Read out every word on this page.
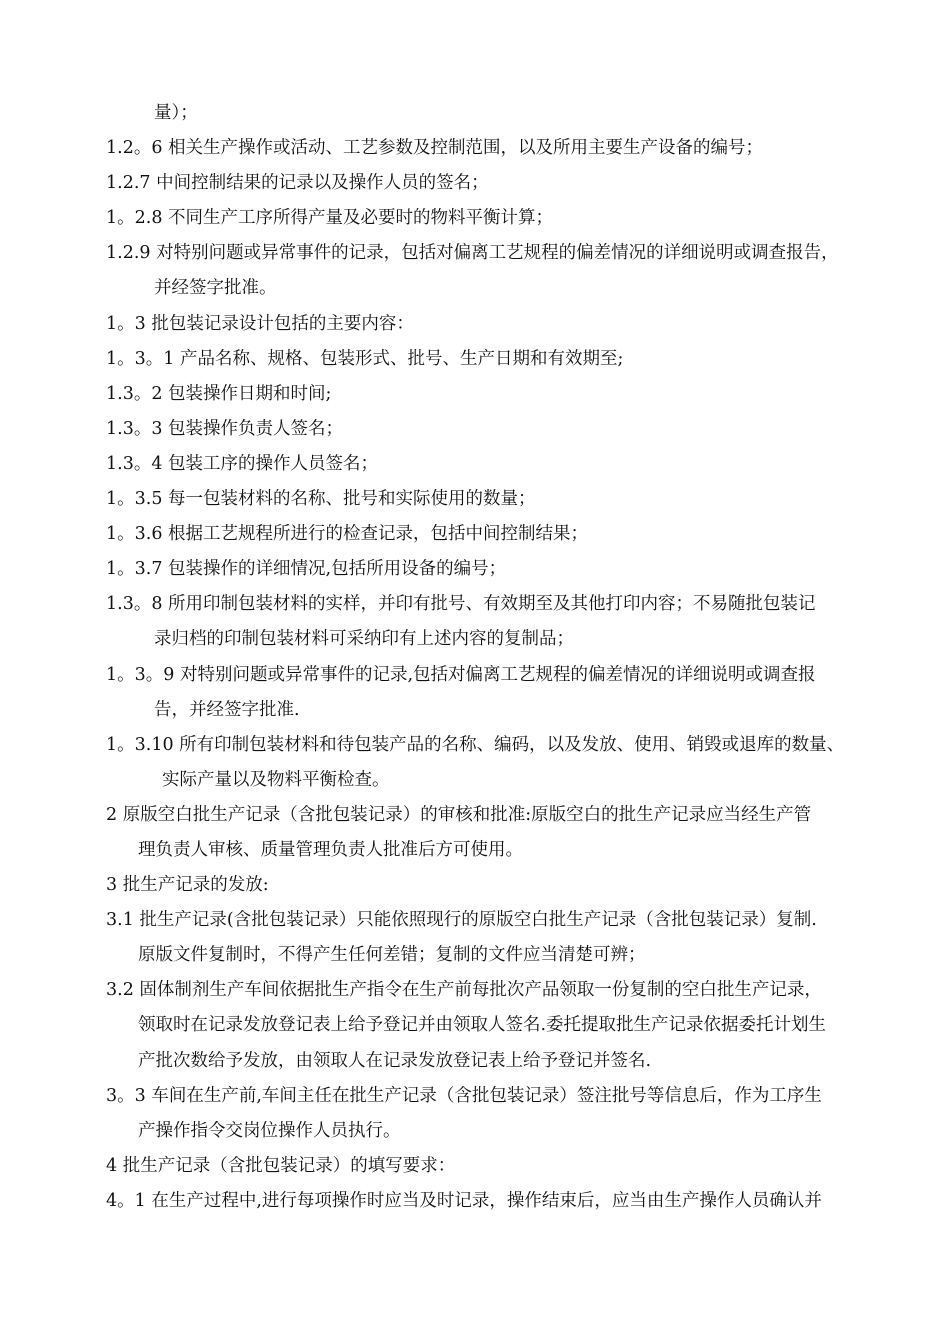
量）；
1.2。6 相关生产操作或活动、工艺参数及控制范围，以及所用主要生产设备的编号；
1.2.7 中间控制结果的记录以及操作人员的签名；
1。2.8 不同生产工序所得产量及必要时的物料平衡计算；
1.2.9 对特别问题或异常事件的记录，包括对偏离工艺规程的偏差情况的详细说明或调查报告，
并经签字批准。
1。3 批包装记录设计包括的主要内容：
1。3。1 产品名称、规格、包装形式、批号、生产日期和有效期至;
1.3。2 包装操作日期和时间;
1.3。3 包装操作负责人签名；
1.3。4 包装工序的操作人员签名；
1。3.5 每一包装材料的名称、批号和实际使用的数量；
1。3.6 根据工艺规程所进行的检查记录，包括中间控制结果；
1。3.7 包装操作的详细情况,包括所用设备的编号；
1.3。8 所用印制包装材料的实样，并印有批号、有效期至及其他打印内容；不易随批包装记
录归档的印制包装材料可采纳印有上述内容的复制品；
1。3。9 对特别问题或异常事件的记录,包括对偏离工艺规程的偏差情况的详细说明或调查报
告，并经签字批准.
1。3.10 所有印制包装材料和待包装产品的名称、编码，以及发放、使用、销毁或退库的数量、
实际产量以及物料平衡检查。
2 原版空白批生产记录（含批包装记录）的审核和批准:原版空白的批生产记录应当经生产管
理负责人审核、质量管理负责人批准后方可使用。
3 批生产记录的发放:
3.1 批生产记录(含批包装记录）只能依照现行的原版空白批生产记录（含批包装记录）复制.
原版文件复制时，不得产生任何差错；复制的文件应当清楚可辨；
3.2 固体制剂生产车间依据批生产指令在生产前每批次产品领取一份复制的空白批生产记录，
领取时在记录发放登记表上给予登记并由领取人签名.委托提取批生产记录依据委托计划生
产批次数给予发放，由领取人在记录发放登记表上给予登记并签名.
3。3 车间在生产前,车间主任在批生产记录（含批包装记录）签注批号等信息后，作为工序生
产操作指令交岗位操作人员执行。
4 批生产记录（含批包装记录）的填写要求：
4。1 在生产过程中,进行每项操作时应当及时记录，操作结束后，应当由生产操作人员确认并
